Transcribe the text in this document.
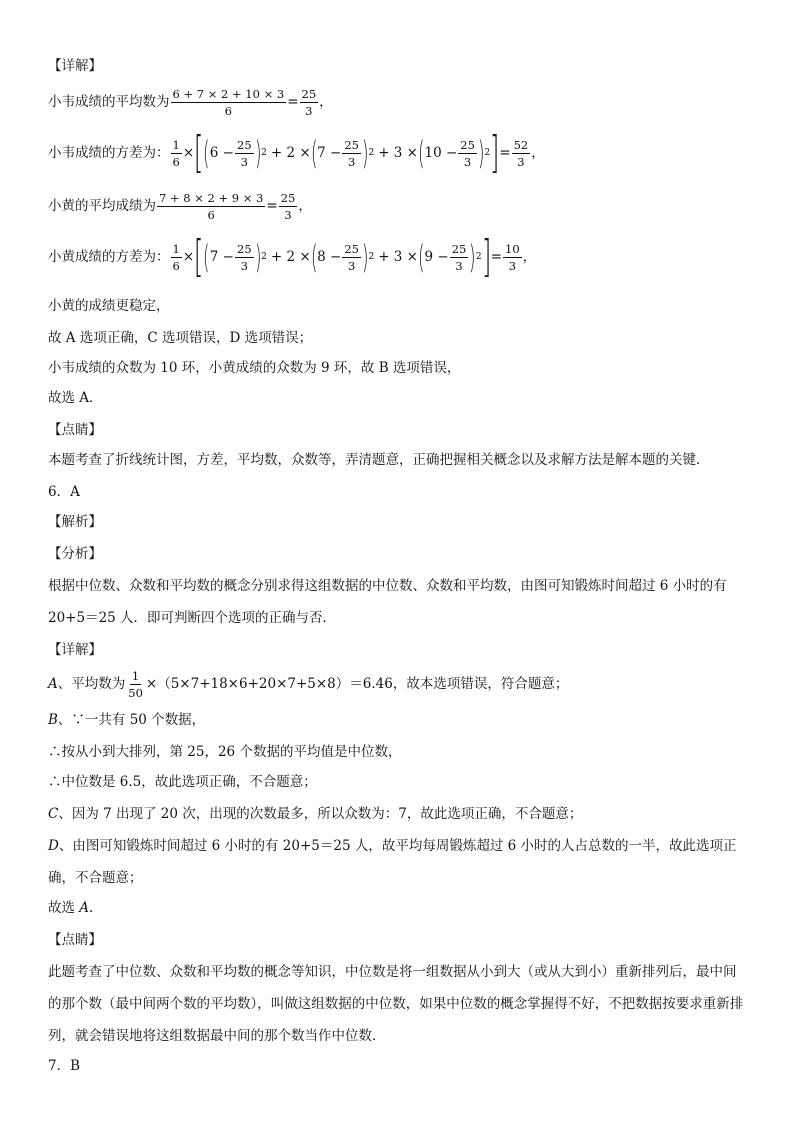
【详解】
小韦成绩的平均数为 $\frac{6 + 7 \times 2 + 10 \times 3}{6} = \frac{25}{3}$ ，
小韦成绩的方差为： $\frac{1}{6}$ × [ ( $6 - \frac{25}{3}$ ) 2 + 2 × ( $7 - \frac{25}{3}$ ) 2 + 3 × ( $10 - \frac{25}{3}$ ) 2 ] = $\frac{52}{3}$ ，
小黄的平均成绩为 $\frac{7 + 8 \times 2 + 9 \times 3}{6} = \frac{25}{3}$ ，
小黄成绩的方差为： $\frac{1}{6}$ × [ ( $7 - \frac{25}{3}$ ) 2 + 2 × ( $8 - \frac{25}{3}$ ) 2 + 3 × ( $9 - \frac{25}{3}$ ) 2 ] = $\frac{10}{3}$ ，
小黄的成绩更稳定，
故 A 选项正确，C 选项错误，D 选项错误；
小韦成绩的众数为 10 环，小黄成绩的众数为 9 环，故 B 选项错误，
故选 A．
【点睛】
本题考查了折线统计图，方差，平均数，众数等，弄清题意，正确把握相关概念以及求解方法是解本题的关键．
6．A
【解析】
【分析】
根据中位数、众数和平均数的概念分别求得这组数据的中位数、众数和平均数，由图可知锻炼时间超过 6 小时的有 20+5＝25 人．即可判断四个选项的正确与否．
【详解】
A 、平均数为 $\frac{1}{50} \times(5\times 7+18\times 6+20\times 7+5\times 8)=6.46$，故本选项错误，符合题意；
B、∵一共有 50 个数据，
∴按从小到大排列，第 25，26 个数据的平均值是中位数，
∴中位数是 6.5，故此选项正确，不合题意；
C、因为 7 出现了 20 次，出现的次数最多，所以众数为：7，故此选项正确，不合题意；
D、由图可知锻炼时间超过 6 小时的有 20+5＝25 人，故平均每周锻炼超过 6 小时的人占总数的一半，故此选项正确，不合题意；
故选 A．
【点睛】
此题考查了中位数、众数和平均数的概念等知识，中位数是将一组数据从小到大（或从大到小）重新排列后，最中间的那个数（最中间两个数的平均数），叫做这组数据的中位数，如果中位数的概念掌握得不好，不把数据按要求重新排列，就会错误地将这组数据最中间的那个数当作中位数．
7．B
